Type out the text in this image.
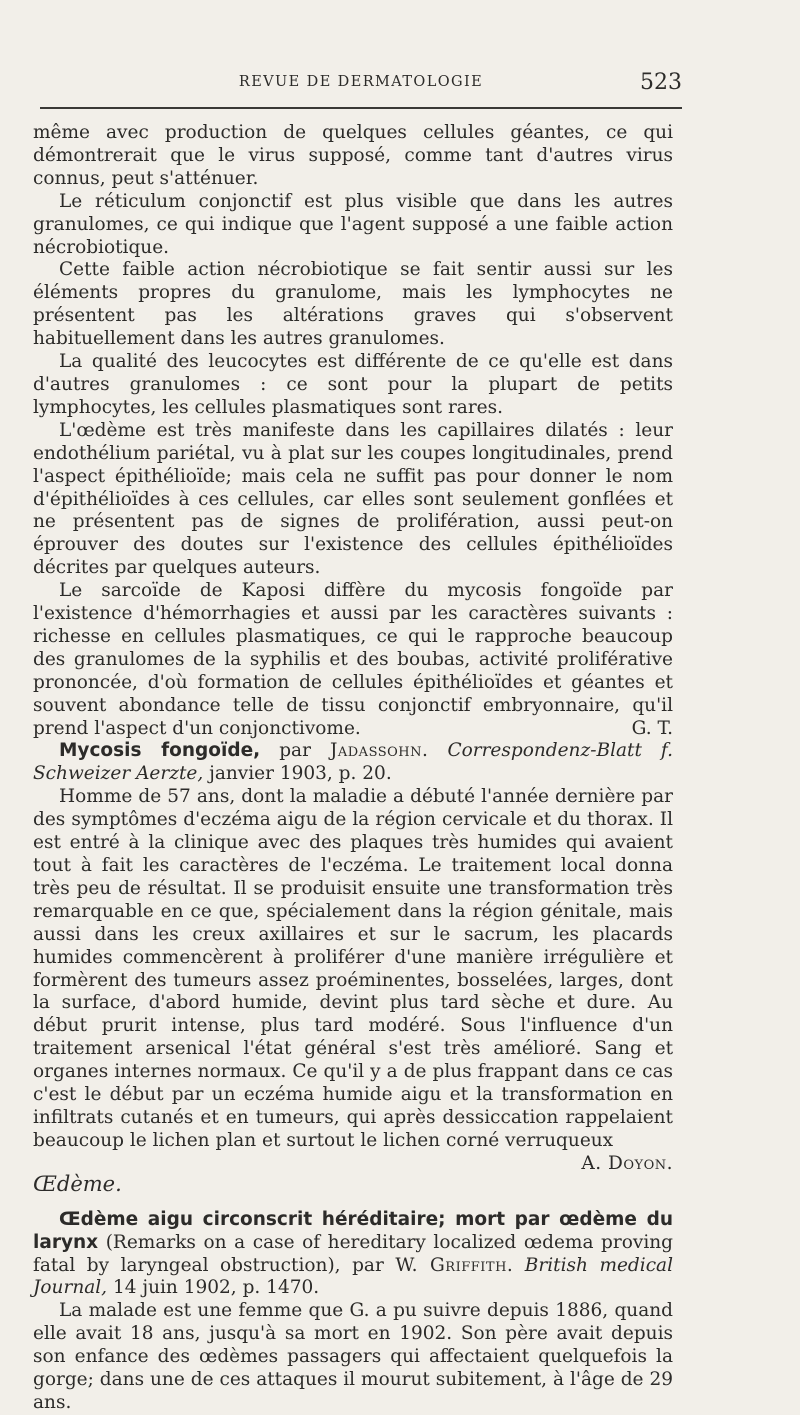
REVUE DE DERMATOLOGIE	523

même avec production de quelques cellules géantes, ce qui démontrerait que le virus supposé, comme tant d'autres virus connus, peut s'atténuer.

Le réticulum conjonctif est plus visible que dans les autres granulomes, ce qui indique que l'agent supposé a une faible action nécrobiotique.

Cette faible action nécrobiotique se fait sentir aussi sur les éléments propres du granulome, mais les lymphocytes ne présentent pas les altérations graves qui s'observent habituellement dans les autres granulomes.

La qualité des leucocytes est différente de ce qu'elle est dans d'autres granulomes : ce sont pour la plupart de petits lymphocytes, les cellules plasmatiques sont rares.

L'œdème est très manifeste dans les capillaires dilatés : leur endothélium pariétal, vu à plat sur les coupes longitudinales, prend l'aspect épithélioïde; mais cela ne suffit pas pour donner le nom d'épithélioïdes à ces cellules, car elles sont seulement gonflées et ne présentent pas de signes de prolifération, aussi peut-on éprouver des doutes sur l'existence des cellules épithélioïdes décrites par quelques auteurs.

Le sarcoïde de Kaposi diffère du mycosis fongoïde par l'existence d'hémorrhagies et aussi par les caractères suivants : richesse en cellules plasmatiques, ce qui le rapproche beaucoup des granulomes de la syphilis et des boubas, activité proliférative prononcée, d'où formation de cellules épithélioïdes et géantes et souvent abondance telle de tissu conjonctif embryonnaire, qu'il prend l'aspect d'un conjonctivome.	G. T.

Mycosis fongoïde, par Jadassohn. Correspondenz-Blatt f. Schweizer Aerzte, janvier 1903, p. 20.

Homme de 57 ans, dont la maladie a débuté l'année dernière par des symptômes d'eczéma aigu de la région cervicale et du thorax. Il est entré à la clinique avec des plaques très humides qui avaient tout à fait les caractères de l'eczéma. Le traitement local donna très peu de résultat. Il se produisit ensuite une transformation très remarquable en ce que, spécialement dans la région génitale, mais aussi dans les creux axillaires et sur le sacrum, les placards humides commencèrent à proliférer d'une manière irrégulière et formèrent des tumeurs assez proéminentes, bosselées, larges, dont la surface, d'abord humide, devint plus tard sèche et dure. Au début prurit intense, plus tard modéré. Sous l'influence d'un traitement arsenical l'état général s'est très amélioré. Sang et organes internes normaux. Ce qu'il y a de plus frappant dans ce cas c'est le début par un eczéma humide aigu et la transformation en infiltrats cutanés et en tumeurs, qui après dessiccation rappelaient beaucoup le lichen plan et surtout le lichen corné verruqueux
A. Doyon.

Œdème.

Œdème aigu circonscrit héréditaire; mort par œdème du larynx (Remarks on a case of hereditary localized œdema proving fatal by laryngeal obstruction), par W. Griffith. British medical Journal, 14 juin 1902, p. 1470.

La malade est une femme que G. a pu suivre depuis 1886, quand elle avait 18 ans, jusqu'à sa mort en 1902. Son père avait depuis son enfance des œdèmes passagers qui affectaient quelquefois la gorge; dans une de ces attaques il mourut subitement, à l'âge de 29 ans.
